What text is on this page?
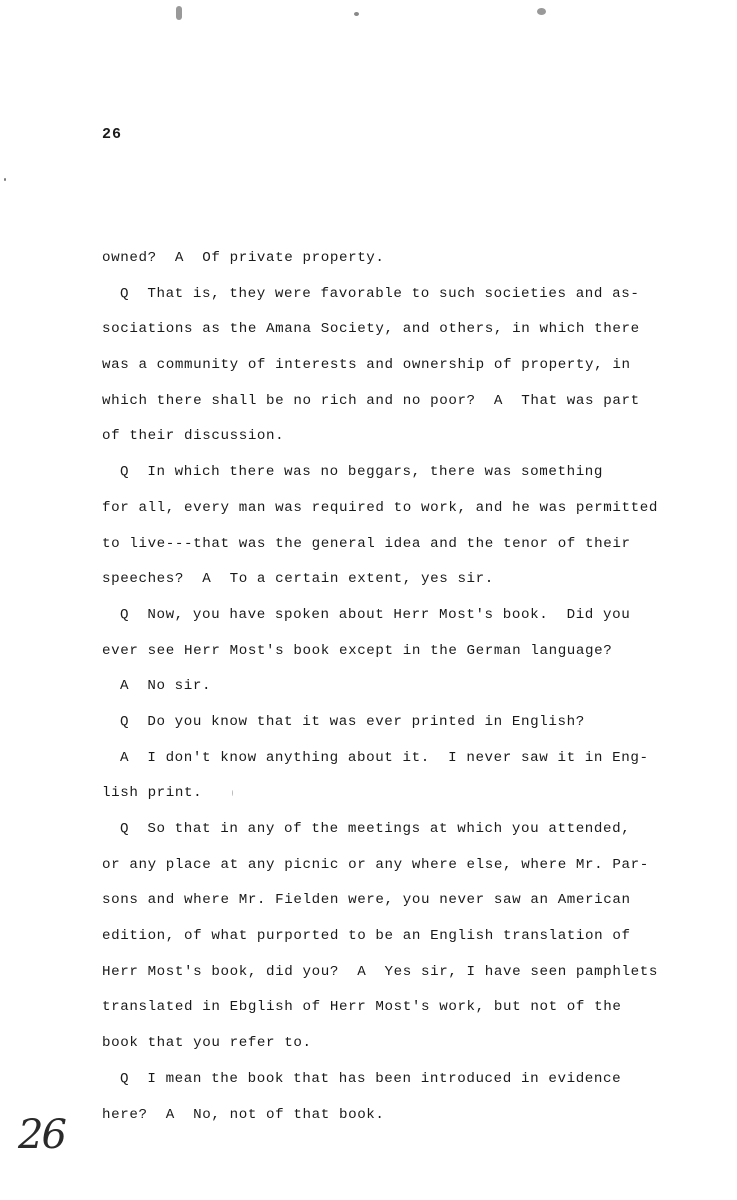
26
owned?  A  Of private property.
Q  That is, they were favorable to such societies and as-
sociations as the Amana Society, and others, in which there
was a community of interests and ownership of property, in
which there shall be no rich and no poor?  A  That was part
of their discussion.
Q  In which there was no beggars, there was something
for all, every man was required to work, and he was permitted
to live---that was the general idea and the tenor of their
speeches?  A  To a certain extent, yes sir.
Q  Now, you have spoken about Herr Most's book.  Did you
ever see Herr Most's book except in the German language?
A  No sir.
Q  Do you know that it was ever printed in English?
A  I don't know anything about it.  I never saw it in Eng-
lish print.
Q  So that in any of the meetings at which you attended,
or any place at any picnic or any where else, where Mr. Par-
sons and where Mr. Fielden were, you never saw an American
edition, of what purported to be an English translation of
Herr Most's book, did you?  A  Yes sir, I have seen pamphlets
translated in Ebglish of Herr Most's work, but not of the
book that you refer to.
Q  I mean the book that has been introduced in evidence
here?  A  No, not of that book.
26
